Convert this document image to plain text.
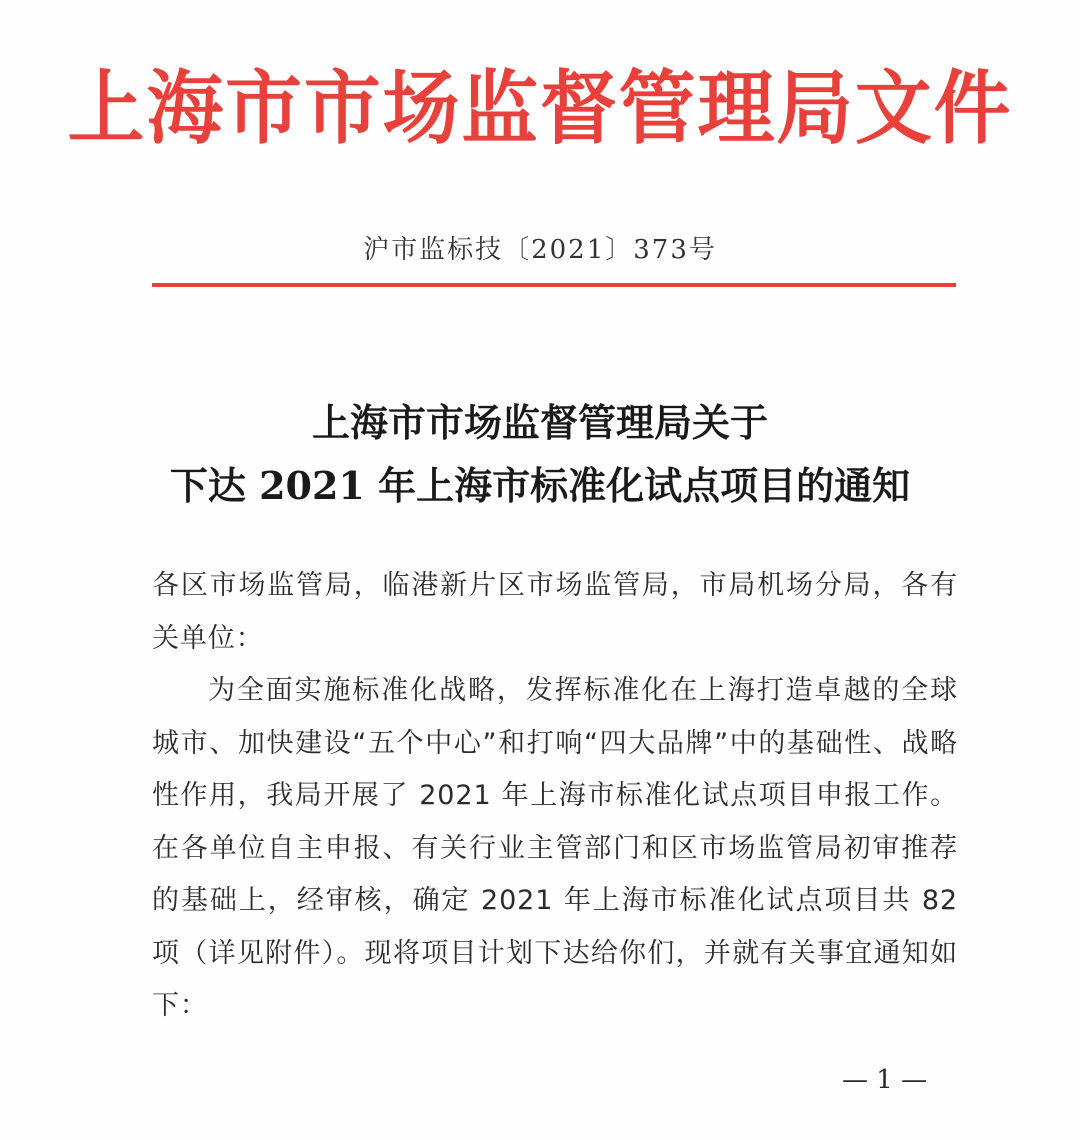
上海市市场监督管理局文件
沪市监标技〔2021〕373号
上海市市场监督管理局关于
下达 2021 年上海市标准化试点项目的通知

各区市场监管局，临港新片区市场监管局，市局机场分局，各有关单位：

为全面实施标准化战略，发挥标准化在上海打造卓越的全球城市、加快建设“五个中心”和打响“四大品牌”中的基础性、战略性作用，我局开展了 2021 年上海市标准化试点项目申报工作。在各单位自主申报、有关行业主管部门和区市场监管局初审推荐的基础上，经审核，确定 2021 年上海市标准化试点项目共 82 项（详见附件）。现将项目计划下达给你们，并就有关事宜通知如下：

— 1 —
